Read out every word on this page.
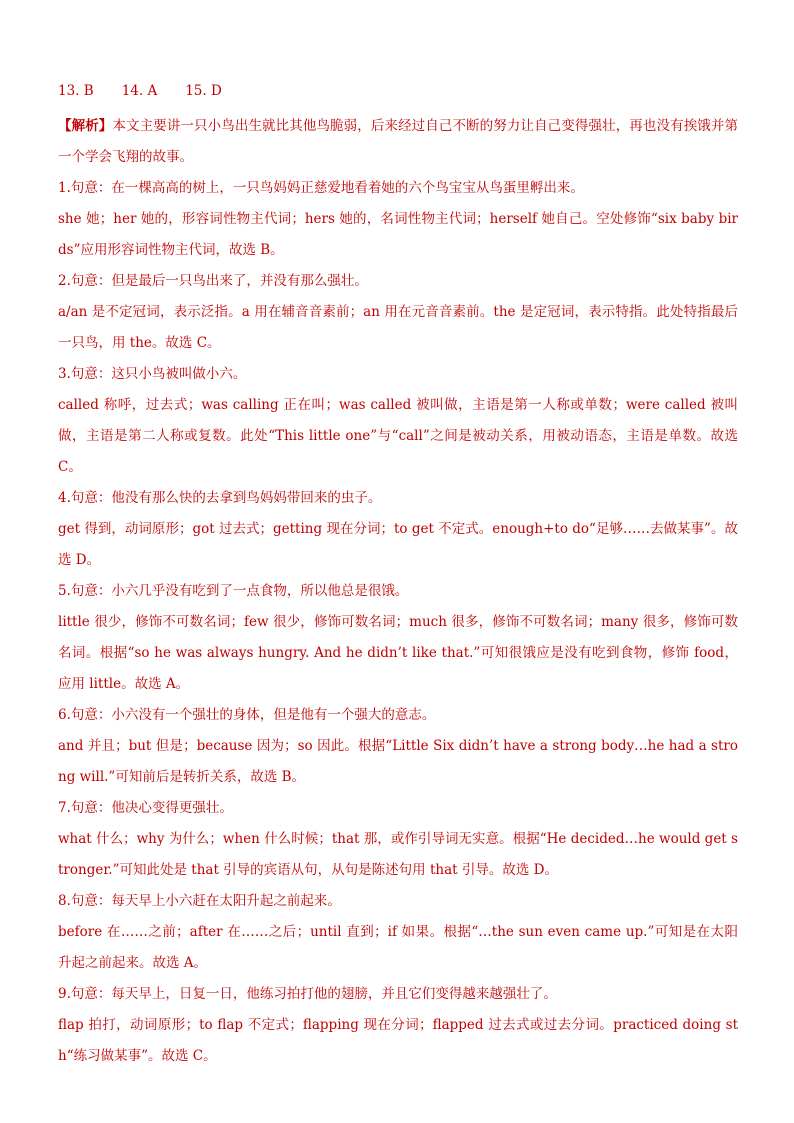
13. B 14. A 15. D

【解析】本文主要讲一只小鸟出生就比其他鸟脆弱，后来经过自己不断的努力让自己变得强壮，再也没有挨饿并第一个学会飞翔的故事。

1.句意：在一棵高高的树上，一只鸟妈妈正慈爱地看着她的六个鸟宝宝从鸟蛋里孵出来。

she 她；her 她的，形容词性物主代词；hers 她的，名词性物主代词；herself 她自己。空处修饰“six baby birds”应用形容词性物主代词，故选 B。

2.句意：但是最后一只鸟出来了，并没有那么强壮。

a/an 是不定冠词，表示泛指。a 用在辅音音素前；an 用在元音音素前。the 是定冠词，表示特指。此处特指最后一只鸟，用 the。故选 C。

3.句意：这只小鸟被叫做小六。

called 称呼，过去式；was calling 正在叫；was called 被叫做，主语是第一人称或单数；were called 被叫做，主语是第二人称或复数。此处“This little one”与“call”之间是被动关系，用被动语态，主语是单数。故选 C。

4.句意：他没有那么快的去拿到鸟妈妈带回来的虫子。

get 得到，动词原形；got 过去式；getting 现在分词；to get 不定式。enough+to do“足够……去做某事”。故选 D。

5.句意：小六几乎没有吃到了一点食物，所以他总是很饿。

little 很少，修饰不可数名词；few 很少，修饰可数名词；much 很多，修饰不可数名词；many 很多，修饰可数名词。根据“so he was always hungry. And he didn’t like that.”可知很饿应是没有吃到食物，修饰 food，应用 little。故选 A。

6.句意：小六没有一个强壮的身体，但是他有一个强大的意志。

and 并且；but 但是；because 因为；so 因此。根据“Little Six didn’t have a strong body…he had a strong will.”可知前后是转折关系，故选 B。

7.句意：他决心变得更强壮。

what 什么；why 为什么；when 什么时候；that 那，或作引导词无实意。根据“He decided…he would get stronger.”可知此处是 that 引导的宾语从句，从句是陈述句用 that 引导。故选 D。

8.句意：每天早上小六赶在太阳升起之前起来。

before 在……之前；after 在……之后；until 直到；if 如果。根据“…the sun even came up.”可知是在太阳升起之前起来。故选 A。

9.句意：每天早上，日复一日，他练习拍打他的翅膀，并且它们变得越来越强壮了。

flap 拍打，动词原形；to flap 不定式；flapping 现在分词；flapped 过去式或过去分词。practiced doing sth“练习做某事”。故选 C。
